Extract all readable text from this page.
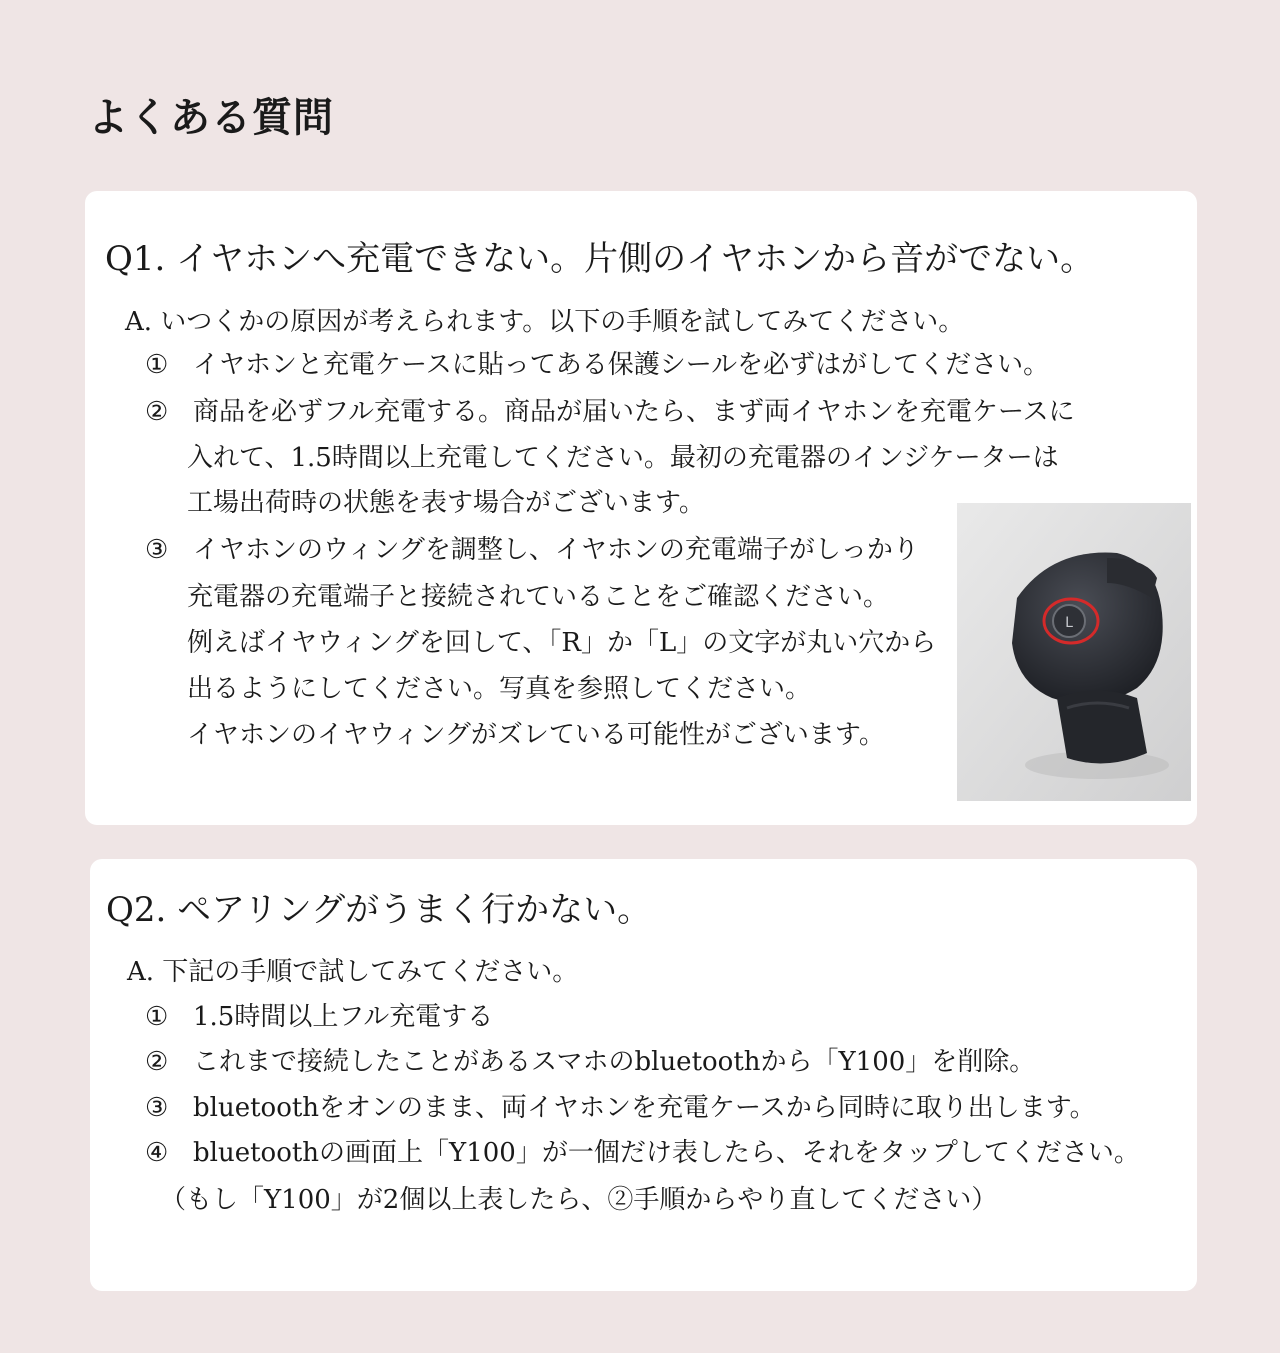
よくある質問
Q1. イヤホンへ充電できない。片側のイヤホンから音がでない。
A. いつくかの原因が考えられます。以下の手順を試してみてください。
① イヤホンと充電ケースに貼ってある保護シールを必ずはがしてください。
② 商品を必ずフル充電する。商品が届いたら、まず両イヤホンを充電ケースに
入れて、1.5時間以上充電してください。最初の充電器のインジケーターは
工場出荷時の状態を表す場合がございます。
③ イヤホンのウィングを調整し、イヤホンの充電端子がしっかり
充電器の充電端子と接続されていることをご確認ください。
例えばイヤウィングを回して、「R」か「L」の文字が丸い穴から
出るようにしてください。写真を参照してください。
イヤホンのイヤウィングがズレている可能性がございます。
L
Q2. ペアリングがうまく行かない。
A. 下記の手順で試してみてください。
① 1.5時間以上フル充電する
② これまで接続したことがあるスマホのbluetoothから「Y100」を削除。
③ bluetoothをオンのまま、両イヤホンを充電ケースから同時に取り出します。
④ bluetoothの画面上「Y100」が一個だけ表したら、それをタップしてください。
（もし「Y100」が2個以上表したら、②手順からやり直してください）
